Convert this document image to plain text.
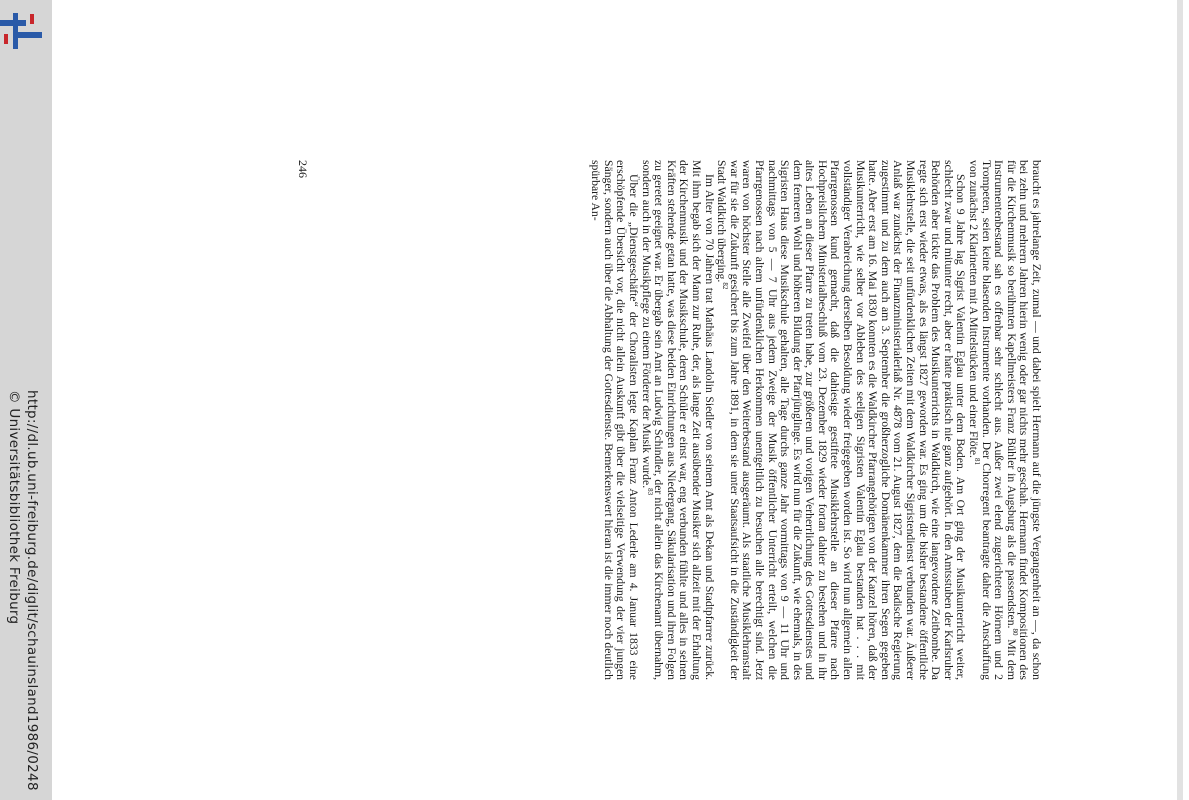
http://dl.ub.uni-freiburg.de/diglit/schauinsland1986/0248
© Universitätsbibliothek Freiburg	braucht es jahrelange Zeit, zumal — und dabei spielt Hermann auf die jüngste Vergangenheit an —, da schon bei zehn und mehrern Jahren hierin wenig oder gar nichts mehr geschah. Hermann findet Kompositionen des für die Kirchenmusik so berühmten Kapellmeisters Franz Bühler in Augsburg als die passendsten.$^{80}$ Mit dem Instrumentenbestand sah es offenbar sehr schlecht aus. Außer zwei elend zugerichteten Hörnern und 2 Trompeten, seien keine blasenden Instrumente vorhanden. Der Chorregent beantragte daher die Anschaffung von zunächst 2 Klarinetten mit A Mittelstücken und einer Flöte.$^{81}$

Schon 9 Jahre lag Sigrist Valentin Eglau unter dem Boden. Am Ort ging der Musikunterricht weiter, schlecht zwar und mitunter recht, aber er hatte praktisch nie ganz aufgehört. In den Amtsstuben der Karlsruher Behörden aber tickte das Problem des Musikunterrichts in Waldkirch, wie eine langevordene Zeitbombe. Da regte sich erst wieder etwas, als es längst 1827 geworden war. Es ging um die bisher bestandene öffentliche Musiklehrstelle, die seit unfürdenklichen Zeiten mit dem Waldkircher Sigristendienst verbunden war. Äußerer Anlaß war zunächst der Finanzministerialerlaß Nr. 4878 vom 21. August 1827, dem die Badische Regierung zugestimmt und zu dem auch am 3. September die großherzogliche Domänenkammer ihren Segen gegeben hatte. Aber erst am 16. Mai 1830 konnten es die Waldkircher Pfarrangehörigen von der Kanzel hören, daß der Musikunterricht, wie selber vor Ableben des seeligen Sigristen Valentin Eglau bestanden hat . . . mit vollständiger Verabreichung derselben Besoldung wieder freigegeben worden ist. So wird nun allgemein allen Pfarrgenossen kund gemacht, daß die dahiesige gestiftete Musiklehrstelle an dieser Pfarre nach Hochpreislichem Ministerialbeschluß vom 23. Dezember 1829 wieder fortan dahier zu bestehen und in ihr altes Leben an dieser Pfarre zu treten habe, zur größeren und vorigen Verherrlichung des Gottesdienstes und dem ferneren Wohl und höheren Bildung der Pfarrjünglinge. Es wird nun für die Zukunft, wie ehemals, in des Sigristen Haus diese Musikschule gehalten, alle Tage durchs ganze Jahr vormittags von 9 — 11 Uhr und nachmittags von 5 — 7 Uhr aus jedem Zweige der Musik öffentlicher Unterricht erteilt, welchen die Pfarrgenossen nach altem unfürdenklichen Herkommen unentgeltlich zu besuchen alle berechtigt sind. Jetzt waren von höchster Stelle alle Zweifel über den Weiterbestand ausgeräumt. Als staatliche Musiklehranstalt war für sie die Zukunft gesichert bis zum Jahre 1891, in dem sie unter Staatsaufsicht in die Zuständigkeit der Stadt Waldkirch überging.$^{82}$

Im Alter von 70 Jahren trat Mathäus Landolin Siedler von seinem Amt als Dekan und Stadtpfarrer zurück. Mit ihm begab sich der Mann zur Ruhe, der, als lange Zeit ausübender Musiker sich allzeit mit der Erhaltung der Kirchenmusik und der Musikschule, deren Schüler er einst war, eng verbunden fühlte und alles in seinen Kräften stehende getan hatte, was diese beiden Einrichtungen aus Niedergang, Säkularisation und ihren Folgen zu geretet geeignet war. Er übergab sein Amt an Ludwig Schindler, der nicht allein das Kirchenamt übernahm, sondern auch in der Musikpflege zu einem Förderer der Musik wurde.$^{83}$

Über die „Dienstgeschäfte“ der Choralisten legte Kaplan Franz Anton Lederle am 4. Januar 1833 eine erschöpfende Übersicht vor, die nicht allein Auskunft gibt über die vielseitige Verwendung der vier jungen Sänger, sondern auch über die Abhaltung der Gottesdienste. Bemerkenswert hieran ist die immer noch deutlich spürbare An-

246
